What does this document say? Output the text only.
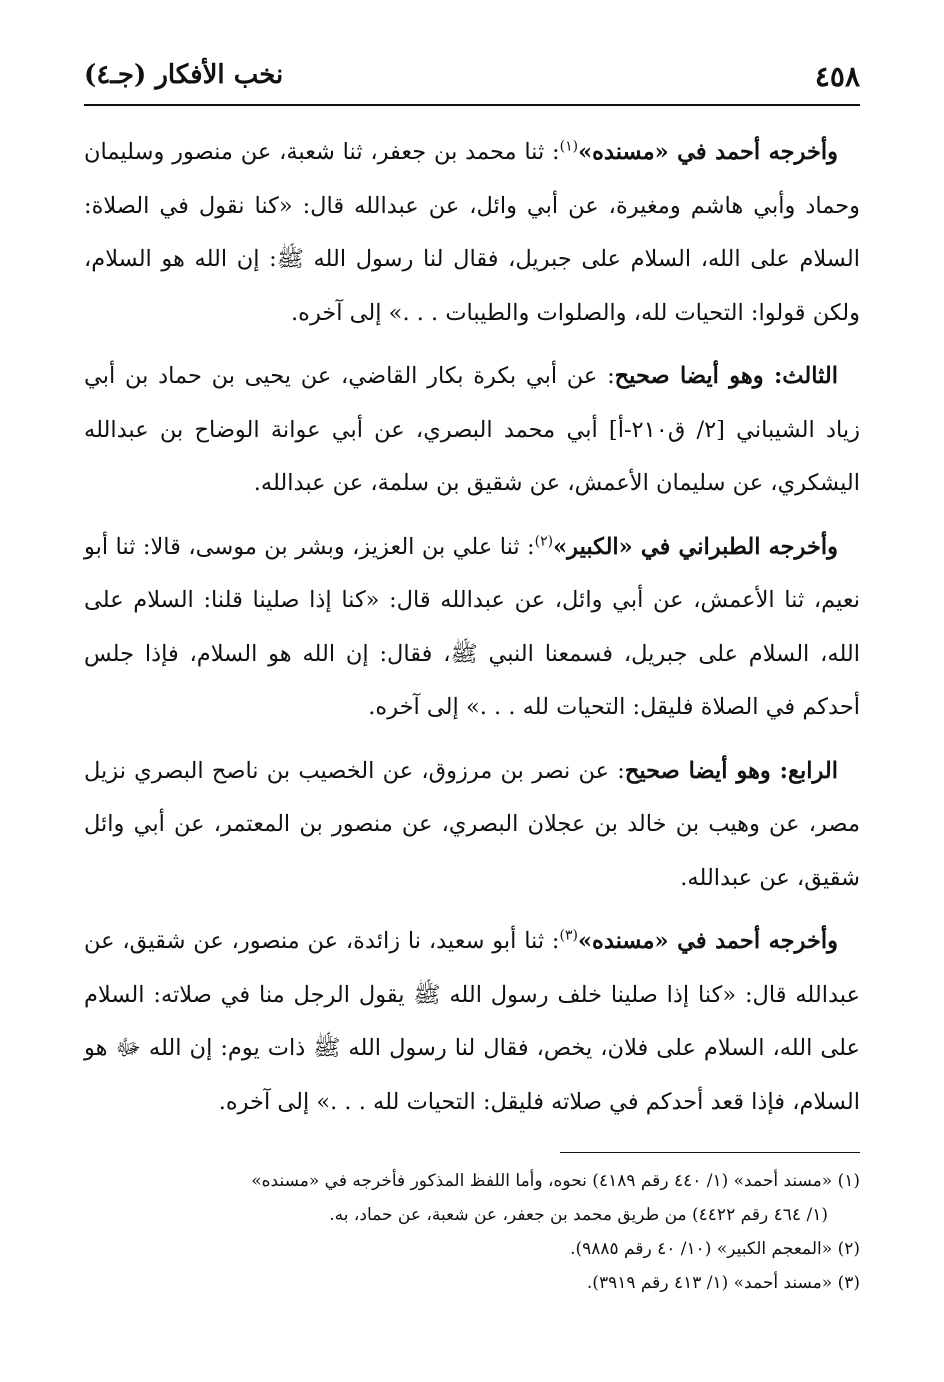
٤٥٨
نخب الأفكار (جـ٤)

وأخرجه أحمد في «مسنده»$^{(١)}$: ثنا محمد بن جعفر، ثنا شعبة، عن منصور وسليمان وحماد وأبي هاشم ومغيرة، عن أبي وائل، عن عبدالله قال: «كنا نقول في الصلاة: السلام على الله، السلام على جبريل، فقال لنا رسول الله ﷺ: إن الله هو السلام، ولكن قولوا: التحيات لله، والصلوات والطيبات . . .» إلى آخره.

الثالث: وهو أيضا صحيح: عن أبي بكرة بكار القاضي، عن يحيى بن حماد بن أبي زياد الشيباني [٢/ ق٢١٠-أ] أبي محمد البصري، عن أبي عوانة الوضاح بن عبدالله اليشكري، عن سليمان الأعمش، عن شقيق بن سلمة، عن عبدالله.

وأخرجه الطبراني في «الكبير»$^{(٢)}$: ثنا علي بن العزيز، وبشر بن موسى، قالا: ثنا أبو نعيم، ثنا الأعمش، عن أبي وائل، عن عبدالله قال: «كنا إذا صلينا قلنا: السلام على الله، السلام على جبريل، فسمعنا النبي ﷺ، فقال: إن الله هو السلام، فإذا جلس أحدكم في الصلاة فليقل: التحيات لله . . .» إلى آخره.

الرابع: وهو أيضا صحيح: عن نصر بن مرزوق، عن الخصيب بن ناصح البصري نزيل مصر، عن وهيب بن خالد بن عجلان البصري، عن منصور بن المعتمر، عن أبي وائل شقيق، عن عبدالله.

وأخرجه أحمد في «مسنده»$^{(٣)}$: ثنا أبو سعيد، نا زائدة، عن منصور، عن شقيق، عن عبدالله قال: «كنا إذا صلينا خلف رسول الله ﷺ يقول الرجل منا في صلاته: السلام على الله، السلام على فلان، يخص، فقال لنا رسول الله ﷺ ذات يوم: إن الله ﷻ هو السلام، فإذا قعد أحدكم في صلاته فليقل: التحيات لله . . .» إلى آخره.

(١) «مسند أحمد» (١/ ٤٤٠ رقم ٤١٨٩) نحوه، وأما اللفظ المذكور فأخرجه في «مسنده»

(١/ ٤٦٤ رقم ٤٤٢٢) من طريق محمد بن جعفر، عن شعبة، عن حماد، به.

(٢) «المعجم الكبير» (١٠/ ٤٠ رقم ٩٨٨٥).

(٣) «مسند أحمد» (١/ ٤١٣ رقم ٣٩١٩).
